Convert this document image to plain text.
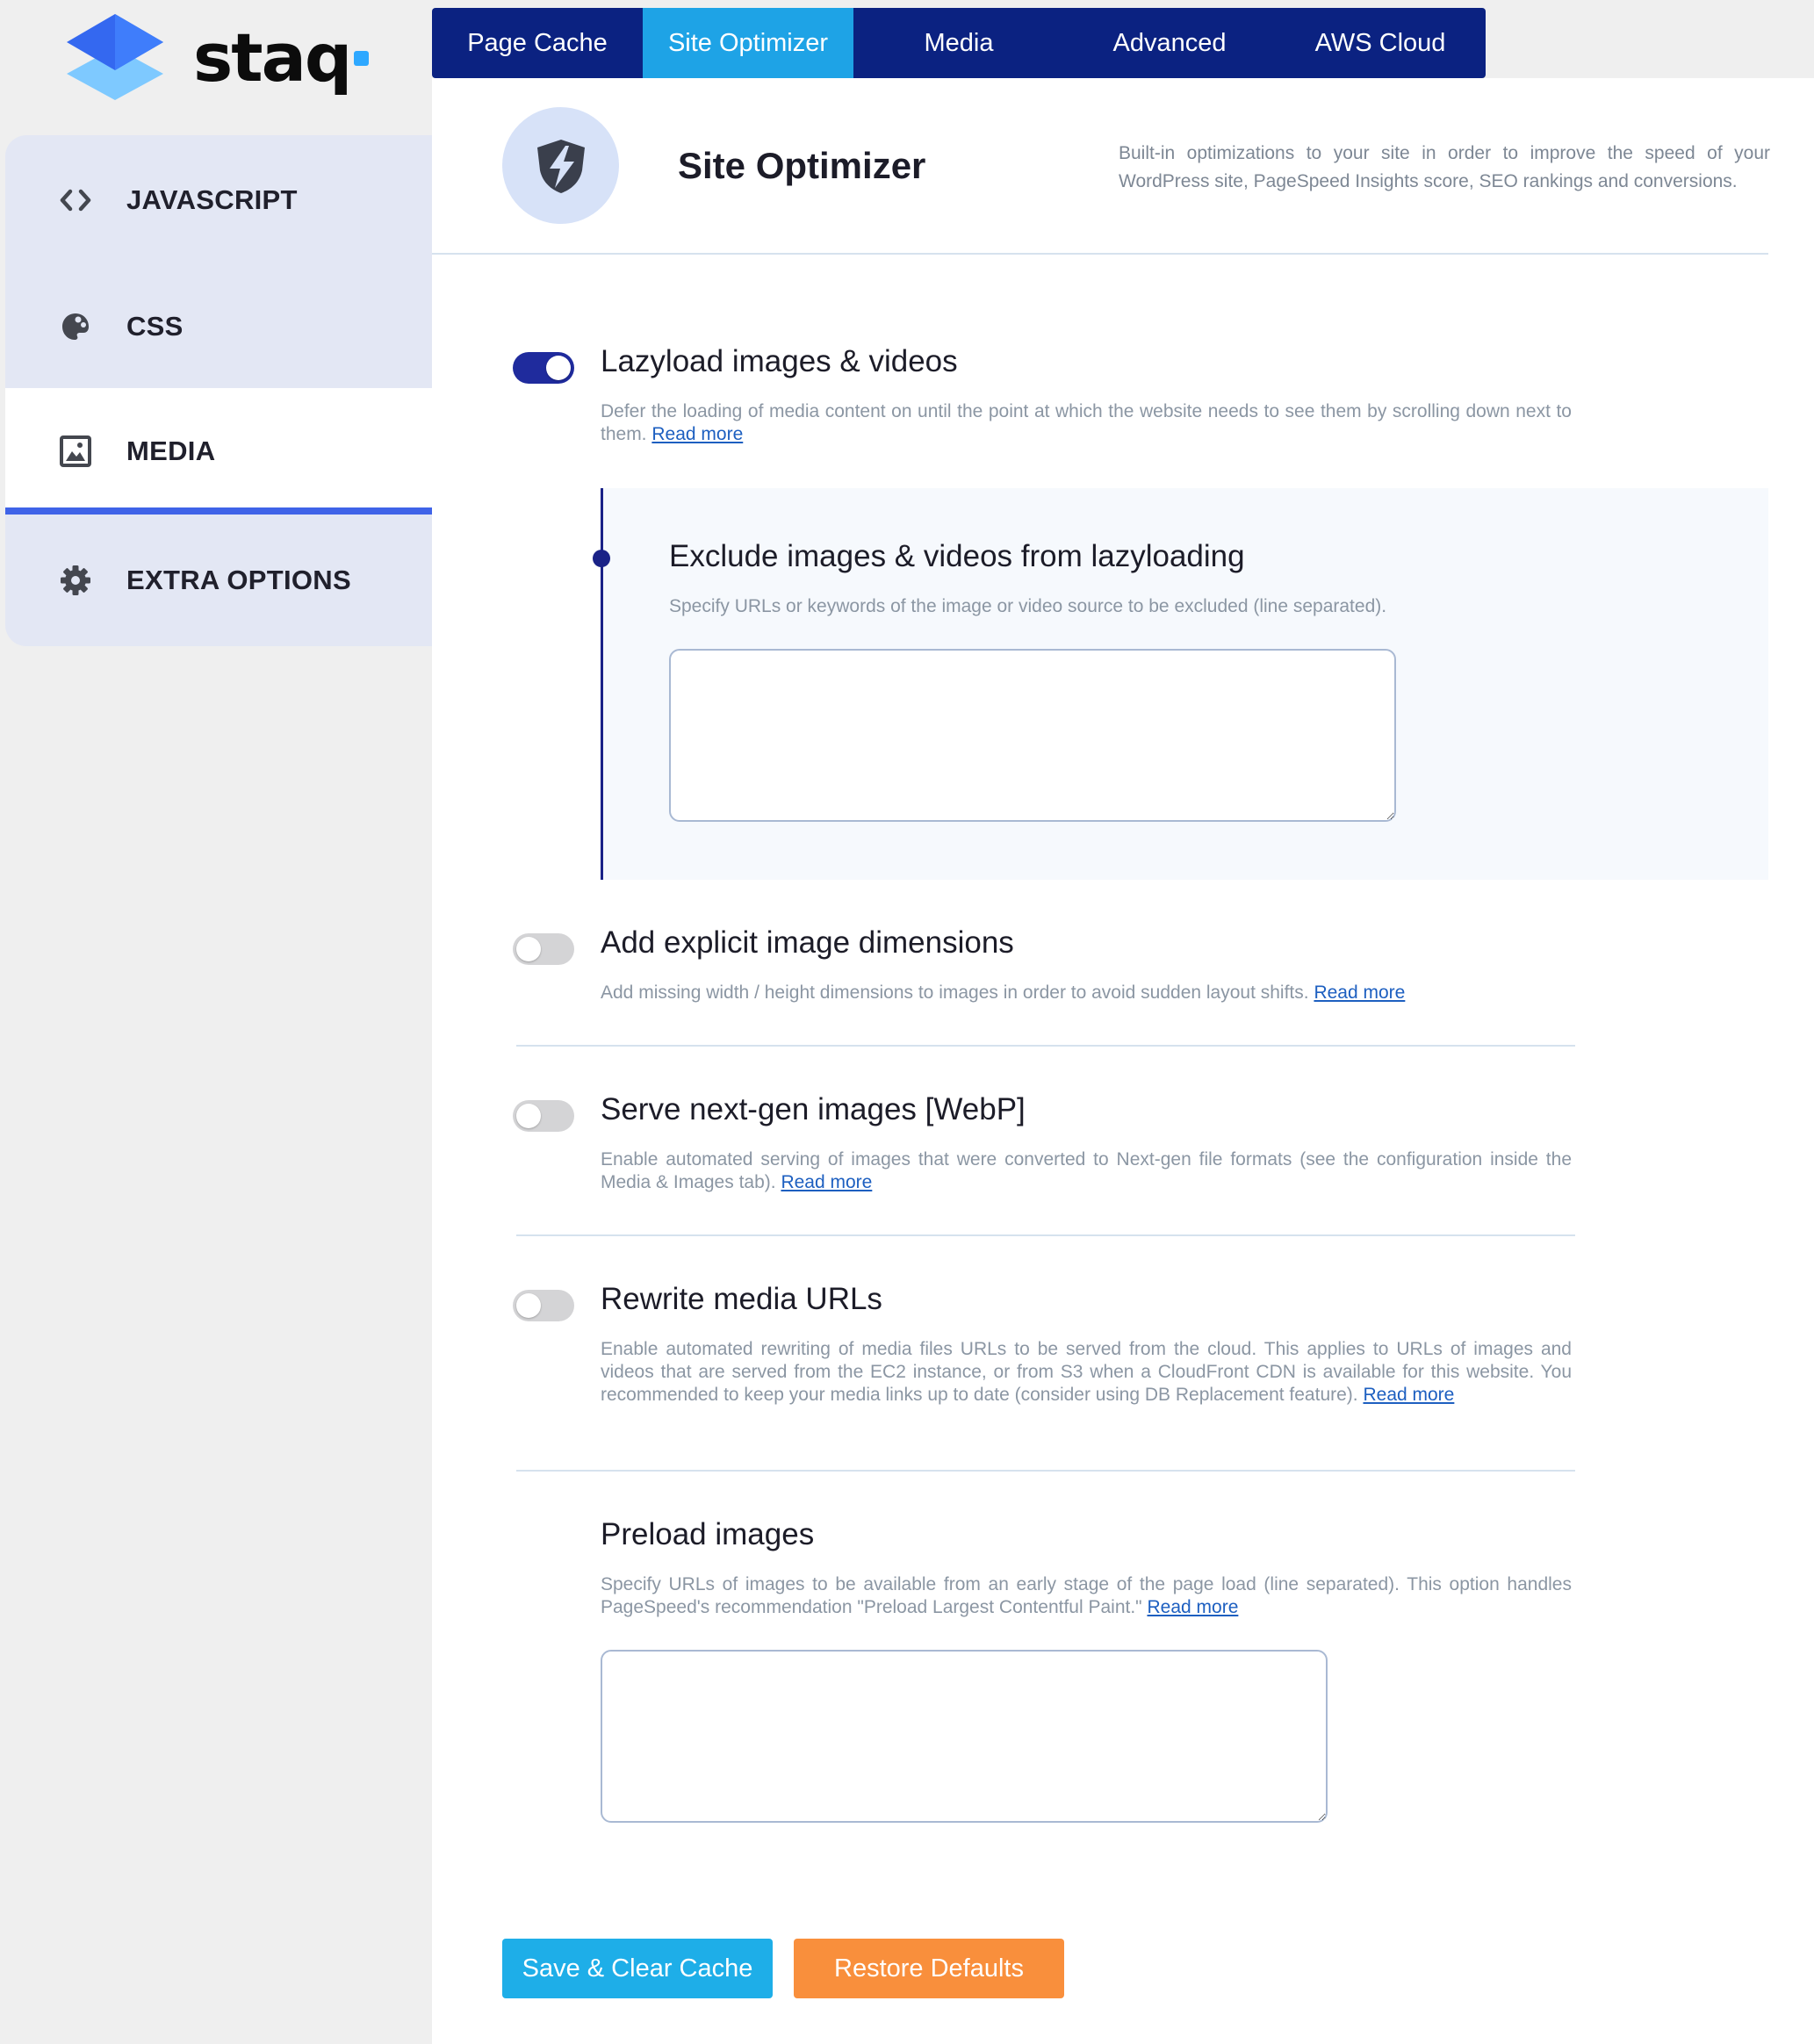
staq	Page Cache	Site Optimizer	Media	Advanced	AWS Cloud
JAVASCRIPT
CSS
MEDIA
EXTRA OPTIONS
Site Optimizer	Built-in optimizations to your site in order to improve the speed of your WordPress site, PageSpeed Insights score, SEO rankings and conversions.
Lazyload images & videos
Defer the loading of media content on until the point at which the website needs to see them by scrolling down next to them. Read more
Exclude images & videos from lazyloading
Specify URLs or keywords of the image or video source to be excluded (line separated).
Add explicit image dimensions
Add missing width / height dimensions to images in order to avoid sudden layout shifts. Read more
Serve next-gen images [WebP]
Enable automated serving of images that were converted to Next-gen file formats (see the configuration inside the Media & Images tab). Read more
Rewrite media URLs
Enable automated rewriting of media files URLs to be served from the cloud. This applies to URLs of images and videos that are served from the EC2 instance, or from S3 when a CloudFront CDN is available for this website. You recommended to keep your media links up to date (consider using DB Replacement feature). Read more
Preload images
Specify URLs of images to be available from an early stage of the page load (line separated). This option handles PageSpeed's recommendation "Preload Largest Contentful Paint." Read more
Save & Clear Cache	Restore Defaults
